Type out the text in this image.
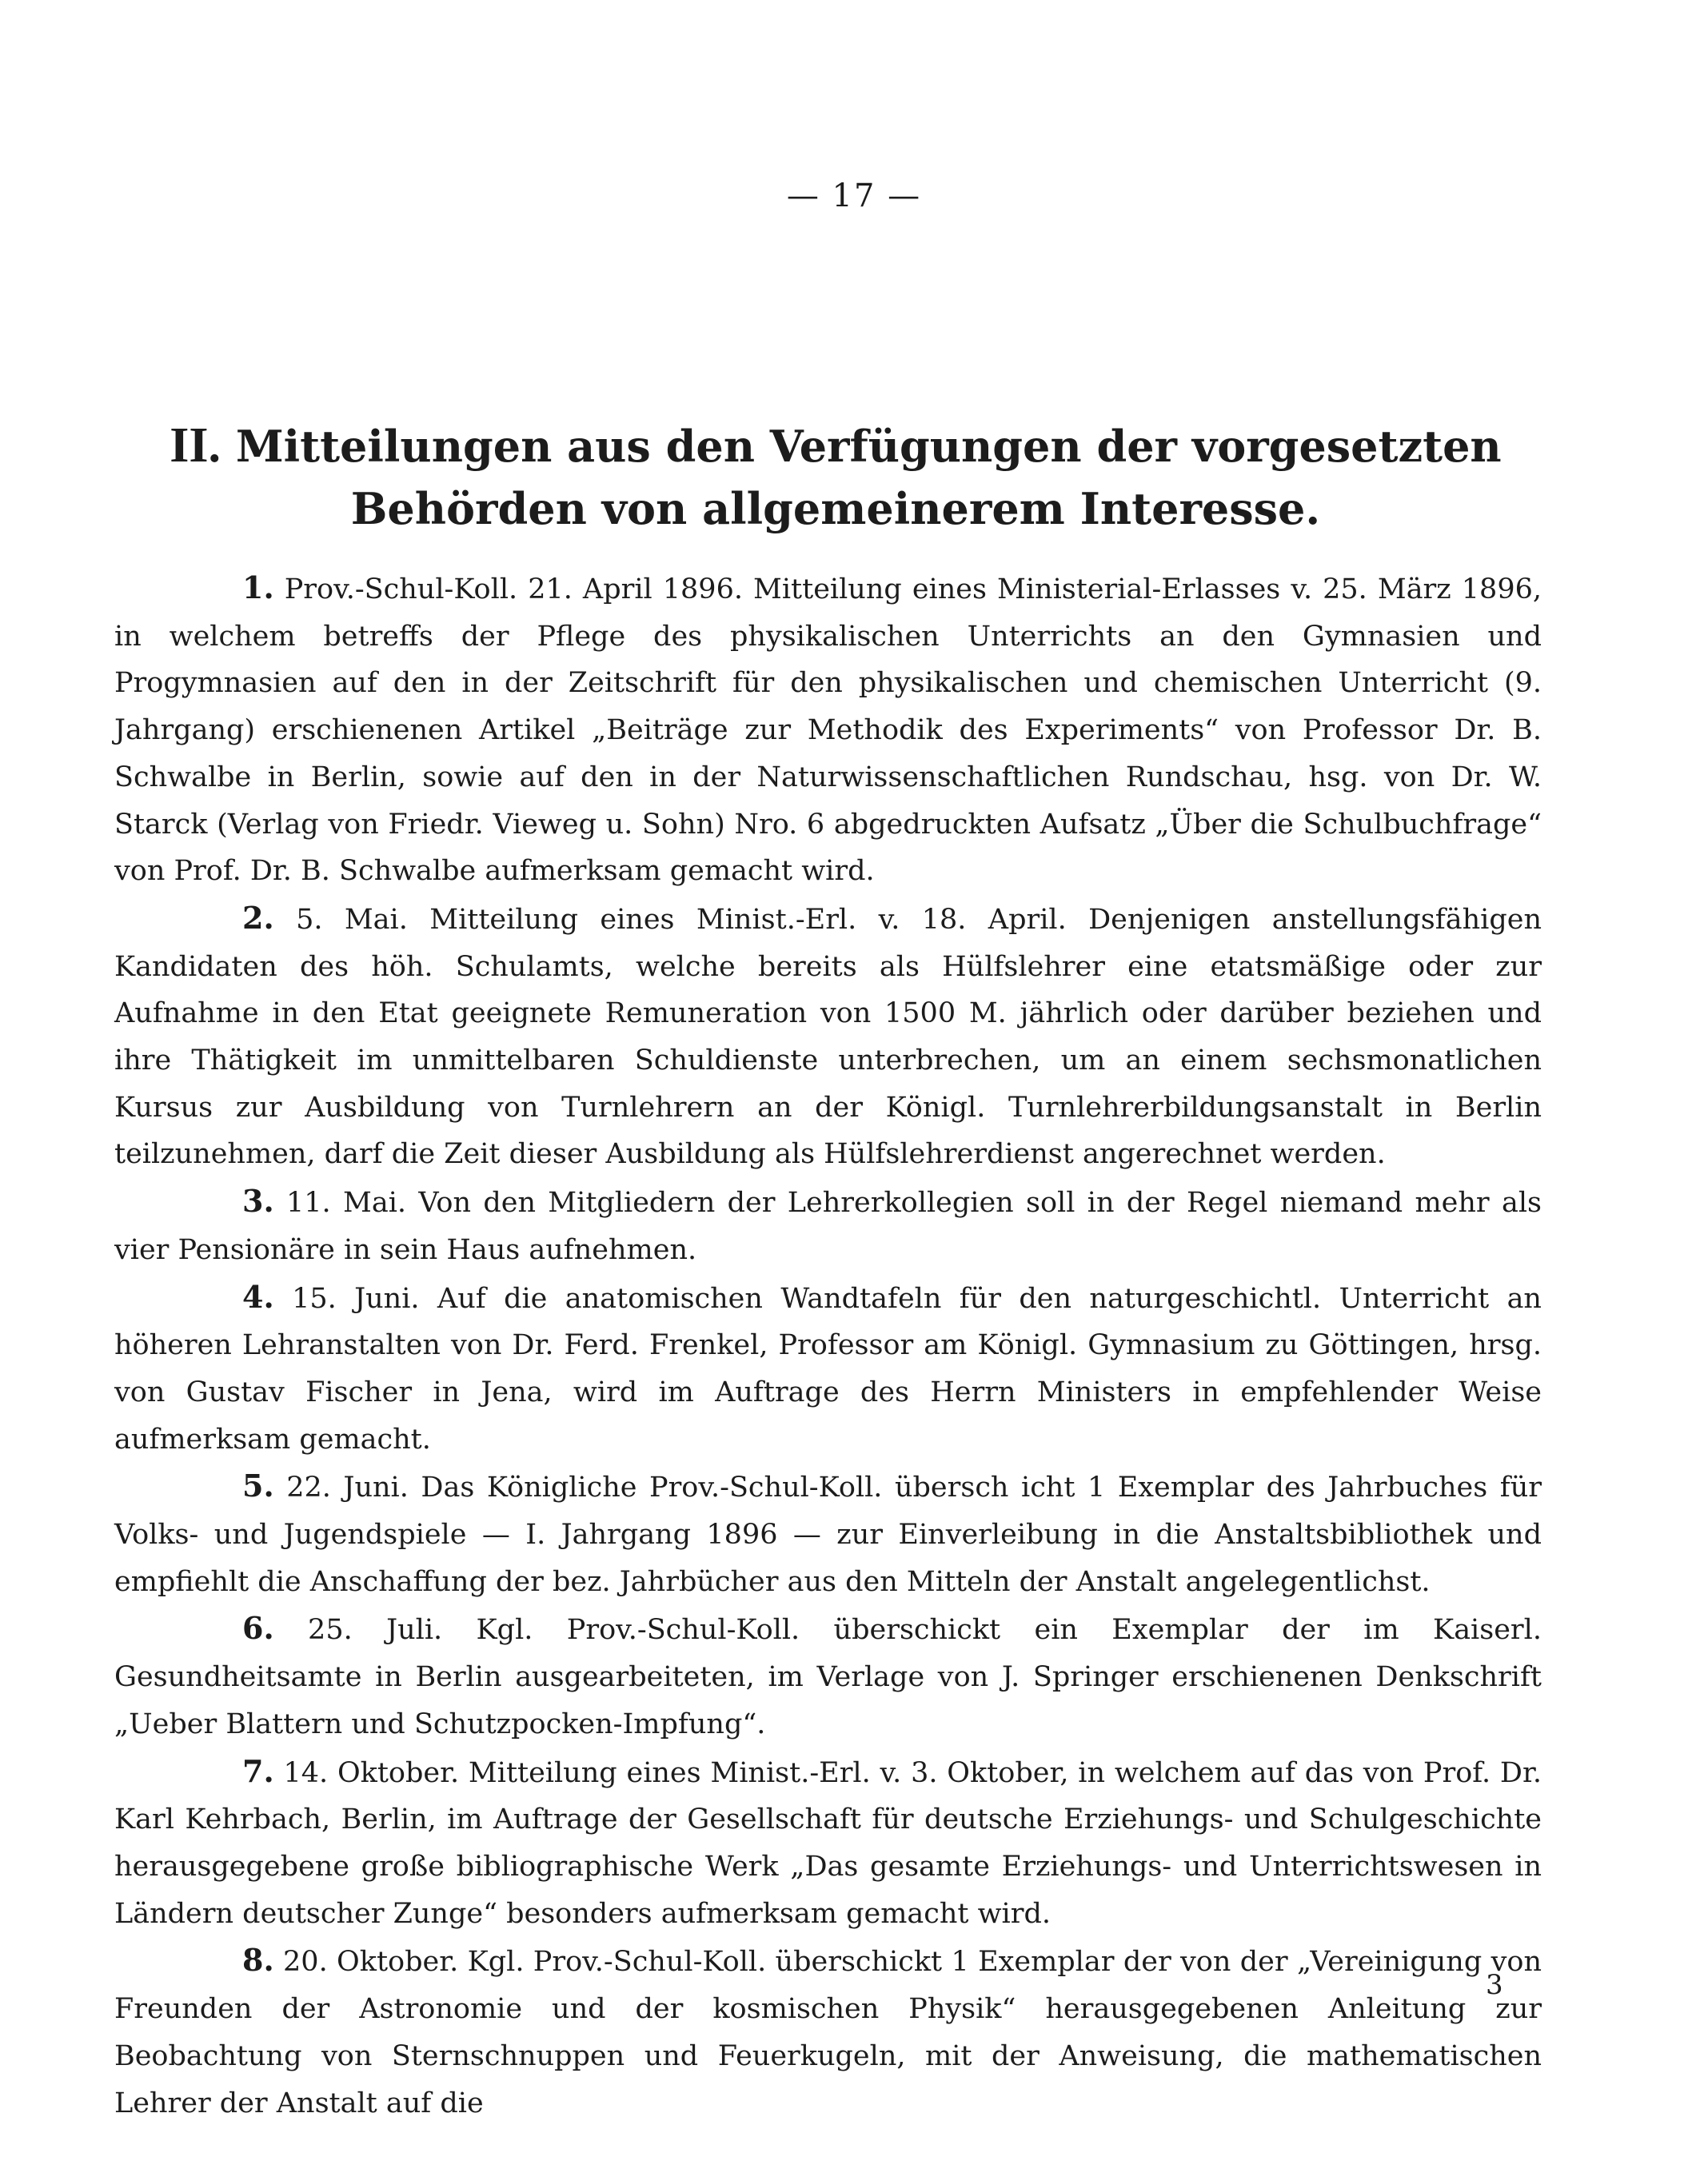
— 17 —
II. Mitteilungen aus den Verfügungen der vorgesetzten Behörden von allgemeinerem Interesse.

1. Prov.-Schul-Koll. 21. April 1896. Mitteilung eines Ministerial-Erlasses v. 25. März 1896, in welchem betreffs der Pflege des physikalischen Unterrichts an den Gymnasien und Progymnasien auf den in der Zeitschrift für den physikalischen und chemischen Unterricht (9. Jahrgang) erschienenen Artikel „Beiträge zur Methodik des Experiments“ von Professor Dr. B. Schwalbe in Berlin, sowie auf den in der Naturwissenschaftlichen Rundschau, hsg. von Dr. W. Starck (Verlag von Friedr. Vieweg u. Sohn) Nro. 6 abgedruckten Aufsatz „Über die Schulbuchfrage“ von Prof. Dr. B. Schwalbe aufmerksam gemacht wird.

2. 5. Mai. Mitteilung eines Minist.-Erl. v. 18. April. Denjenigen anstellungsfähigen Kandidaten des höh. Schulamts, welche bereits als Hülfslehrer eine etatsmäßige oder zur Aufnahme in den Etat geeignete Remuneration von 1500 M. jährlich oder darüber beziehen und ihre Thätigkeit im unmittelbaren Schuldienste unterbrechen, um an einem sechsmonatlichen Kursus zur Ausbildung von Turnlehrern an der Königl. Turnlehrerbildungsanstalt in Berlin teilzunehmen, darf die Zeit dieser Ausbildung als Hülfslehrerdienst angerechnet werden.

3. 11. Mai. Von den Mitgliedern der Lehrerkollegien soll in der Regel niemand mehr als vier Pensionäre in sein Haus aufnehmen.

4. 15. Juni. Auf die anatomischen Wandtafeln für den naturgeschichtl. Unterricht an höheren Lehranstalten von Dr. Ferd. Frenkel, Professor am Königl. Gymnasium zu Göttingen, hrsg. von Gustav Fischer in Jena, wird im Auftrage des Herrn Ministers in empfehlender Weise aufmerksam gemacht.

5. 22. Juni. Das Königliche Prov.-Schul-Koll. übersch icht 1 Exemplar des Jahrbuches für Volks- und Jugendspiele — I. Jahrgang 1896 — zur Einverleibung in die Anstaltsbibliothek und empfiehlt die Anschaffung der bez. Jahrbücher aus den Mitteln der Anstalt angelegentlichst.

6. 25. Juli. Kgl. Prov.-Schul-Koll. überschickt ein Exemplar der im Kaiserl. Gesundheitsamte in Berlin ausgearbeiteten, im Verlage von J. Springer erschienenen Denkschrift „Ueber Blattern und Schutzpocken-Impfung“.

7. 14. Oktober. Mitteilung eines Minist.-Erl. v. 3. Oktober, in welchem auf das von Prof. Dr. Karl Kehrbach, Berlin, im Auftrage der Gesellschaft für deutsche Erziehungs- und Schulgeschichte herausgegebene große bibliographische Werk „Das gesamte Erziehungs- und Unterrichtswesen in Ländern deutscher Zunge“ besonders aufmerksam gemacht wird.

8. 20. Oktober. Kgl. Prov.-Schul-Koll. überschickt 1 Exemplar der von der „Vereinigung von Freunden der Astronomie und der kosmischen Physik“ herausgegebenen Anleitung zur Beobachtung von Sternschnuppen und Feuerkugeln, mit der Anweisung, die mathematischen Lehrer der Anstalt auf die

3
